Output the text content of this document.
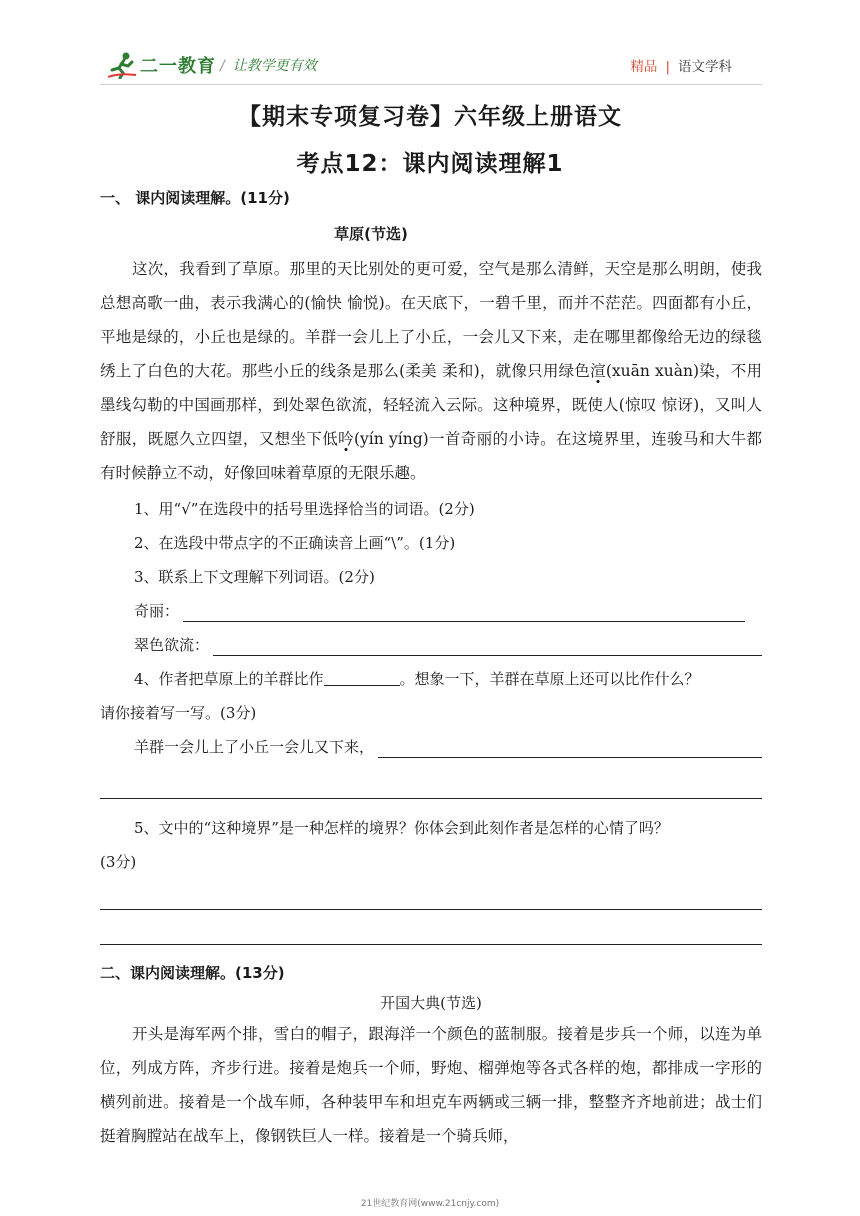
二一教育 / 让教学更有效	精品 | 语文学科
【期末专项复习卷】六年级上册语文
考点12：课内阅读理解1

一、 课内阅读理解。(11分)

草原(节选)

这次，我看到了草原。那里的天比别处的更可爱，空气是那么清鲜，天空是那么明朗，使我总想高歌一曲，表示我满心的(愉快 愉悦)。在天底下，一碧千里，而并不茫茫。四面都有小丘，平地是绿的，小丘也是绿的。羊群一会儿上了小丘，一会儿又下来，走在哪里都像给无边的绿毯绣上了白色的大花。那些小丘的线条是那么(柔美 柔和)，就像只用绿色渲(xuān xuàn)染，不用墨线勾勒的中国画那样，到处翠色欲流，轻轻流入云际。这种境界，既使人(惊叹 惊讶)，又叫人舒服，既愿久立四望，又想坐下低吟(yín yíng)一首奇丽的小诗。在这境界里，连骏马和大牛都有时候静立不动，好像回味着草原的无限乐趣。

1、用“√”在选段中的括号里选择恰当的词语。(2分)

2、在选段中带点字的不正确读音上画“\”。(1分)

3、联系上下文理解下列词语。(2分)

奇丽：
翠色欲流：

4、作者把草原上的羊群比作	。想象一下，羊群在草原上还可以比作什么？

请你接着写一写。(3分)

羊群一会儿上了小丘一会儿又下来，

5、文中的“这种境界”是一种怎样的境界？你体会到此刻作者是怎样的心情了吗？

(3分)

二、课内阅读理解。(13分)

开国大典(节选)

开头是海军两个排，雪白的帽子，跟海洋一个颜色的蓝制服。接着是步兵一个师，以连为单位，列成方阵，齐步行进。接着是炮兵一个师，野炮、榴弹炮等各式各样的炮，都排成一字形的横列前进。接着是一个战车师，各种装甲车和坦克车两辆或三辆一排，整整齐齐地前进；战士们挺着胸膛站在战车上，像钢铁巨人一样。接着是一个骑兵师，

21世纪教育网(www.21cnjy.com)
